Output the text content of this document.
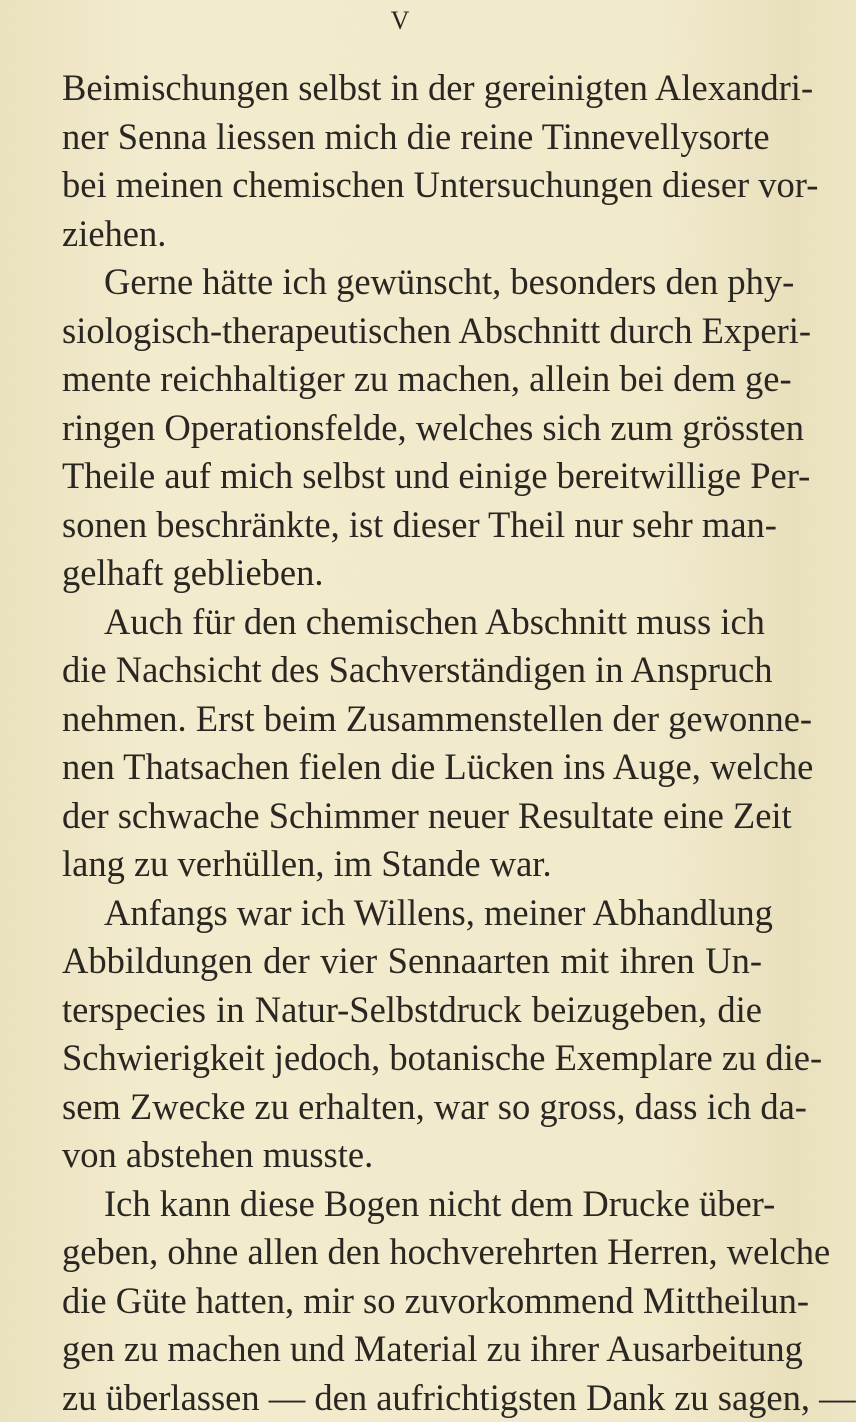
V
Beimischungen selbst in der gereinigten Alexandri-
ner Senna liessen mich die reine Tinnevellysorte
bei meinen chemischen Untersuchungen dieser vor-
ziehen.
Gerne hätte ich gewünscht, besonders den phy-
siologisch-therapeutischen Abschnitt durch Experi-
mente reichhaltiger zu machen, allein bei dem ge-
ringen Operationsfelde, welches sich zum grössten
Theile auf mich selbst und einige bereitwillige Per-
sonen beschränkte, ist dieser Theil nur sehr man-
gelhaft geblieben.
Auch für den chemischen Abschnitt muss ich
die Nachsicht des Sachverständigen in Anspruch
nehmen. Erst beim Zusammenstellen der gewonne-
nen Thatsachen fielen die Lücken ins Auge, welche
der schwache Schimmer neuer Resultate eine Zeit
lang zu verhüllen, im Stande war.
Anfangs war ich Willens, meiner Abhandlung
Abbildungen der vier Sennaarten mit ihren Un-
terspecies in Natur-Selbstdruck beizugeben, die
Schwierigkeit jedoch, botanische Exemplare zu die-
sem Zwecke zu erhalten, war so gross, dass ich da-
von abstehen musste.
Ich kann diese Bogen nicht dem Drucke über-
geben, ohne allen den hochverehrten Herren, welche
die Güte hatten, mir so zuvorkommend Mittheilun-
gen zu machen und Material zu ihrer Ausarbeitung
zu überlassen — den aufrichtigsten Dank zu sagen, —
